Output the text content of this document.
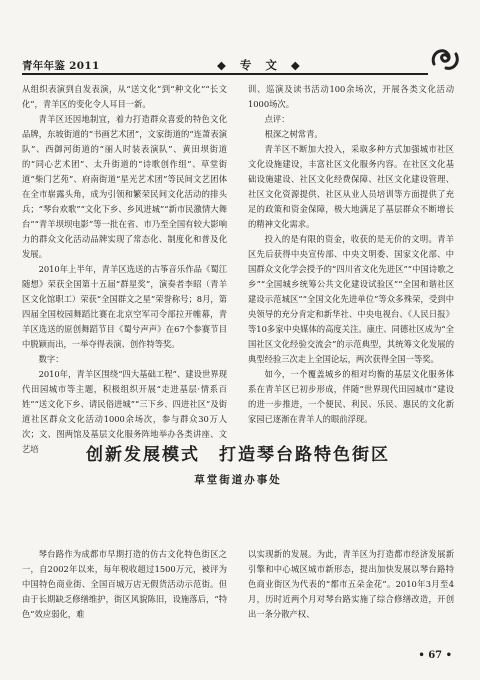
青年年鉴 2011	◆ 专 文 ◆

从组织表演到自发表演，从“送文化”到“种文化”“长文化”，青羊区的变化令人耳目一新。

青羊区还因地制宜，着力打造群众喜爱的特色文化品牌，东坡街道的“书画艺术团”，文家街道的“连萧表演队”、西御河街道的“丽人时装表演队”、黄田坝街道的“同心艺术团”、太升街道的“诗歌创作组”、草堂街道“柴门艺苑”、府南街道“星光艺术团”等民间文艺团体在全市崭露头角，成为引领和繁荣民间文化活动的排头兵；“琴台欢歌”“文化下乡、乡风进城”“新市民激情大舞台”“青羊坝坝电影”等一批在省、市乃至全国有较大影响力的群众文化活动品牌实现了常态化、制度化和普及化发展。

2010年上半年，青羊区选送的古筝音乐作品《蜀江随想》荣获全国第十五届“群星奖”，演奏者李昭（青羊区文化馆职工）荣获“全国群文之星”荣誉称号；8月，第四届全国校园舞蹈比赛在北京空军司令部拉开帷幕，青羊区选送的原创舞蹈节目《蜀兮声声》在67个参赛节目中脱颖而出，一举夺得表演、创作特等奖。

数字：

2010年，青羊区围绕“四大基础工程”、建设世界现代田园城市等主题，积极组织开展“走进基层·情系百姓”“送文化下乡、请民俗进城”“三下乡、四进社区”及街道社区群众文化活动1000余场次，参与群众30万人次；文、图两馆及基层文化服务阵地举办各类讲座、文艺培

训、巡演及读书活动100余场次，开展各类文化活动1000场次。

点评：

根深之树常青。

青羊区不断加大投入，采取多种方式加强城市社区文化设施建设，丰富社区文化服务内容。在社区文化基础设施建设、社区文化经费保障、社区文化建设管理、社区文化资源提供、社区从业人员培训等方面提供了充足的政策和资金保障，极大地满足了基层群众不断增长的精神文化需求。

投入的是有限的资金，收获的是无价的文明。青羊区先后获得中央宣传部、中央文明委、国家文化部、中国群众文化学会授予的“四川省文化先进区”“中国诗歌之乡”“全国城乡统筹公共文化建设试验区”“全国和谐社区建设示范城区”“全国文化先进单位”等众多殊荣，受到中央领导的充分肯定和新华社、中央电视台、《人民日报》等10多家中央媒体的高度关注。康庄、同德社区成为“全国社区文化经验交流会”的示范典型，其统筹文化发展的典型经验三次走上全国论坛，两次获得全国一等奖。

如今，一个覆盖城乡的相对均衡的基层文化服务体系在青羊区已初步形成，伴随“世界现代田园城市”建设的进一步推进，一个便民、利民、乐民、惠民的文化新家园已逐渐在青羊人的眼前浮现。

创新发展模式　打造琴台路特色街区
草堂街道办事处

琴台路作为成都市早期打造的仿古文化特色街区之一，自2002年以来，每年税收超过1500万元，被评为中国特色商业街、全国百城万店无假货活动示范街。但由于长期缺乏修缮维护，街区风貌陈旧，设施落后，“特色”效应弱化，难

以实现新的发展。为此，青羊区为打造都市经济发展新引擎和中心城区城市新形态，提出加快发展以琴台路特色商业街区为代表的“都市五朵金花”。2010年3月至4月，历时近两个月对琴台路实施了综合修缮改造，开创出一条分散产权、

• 67 •
